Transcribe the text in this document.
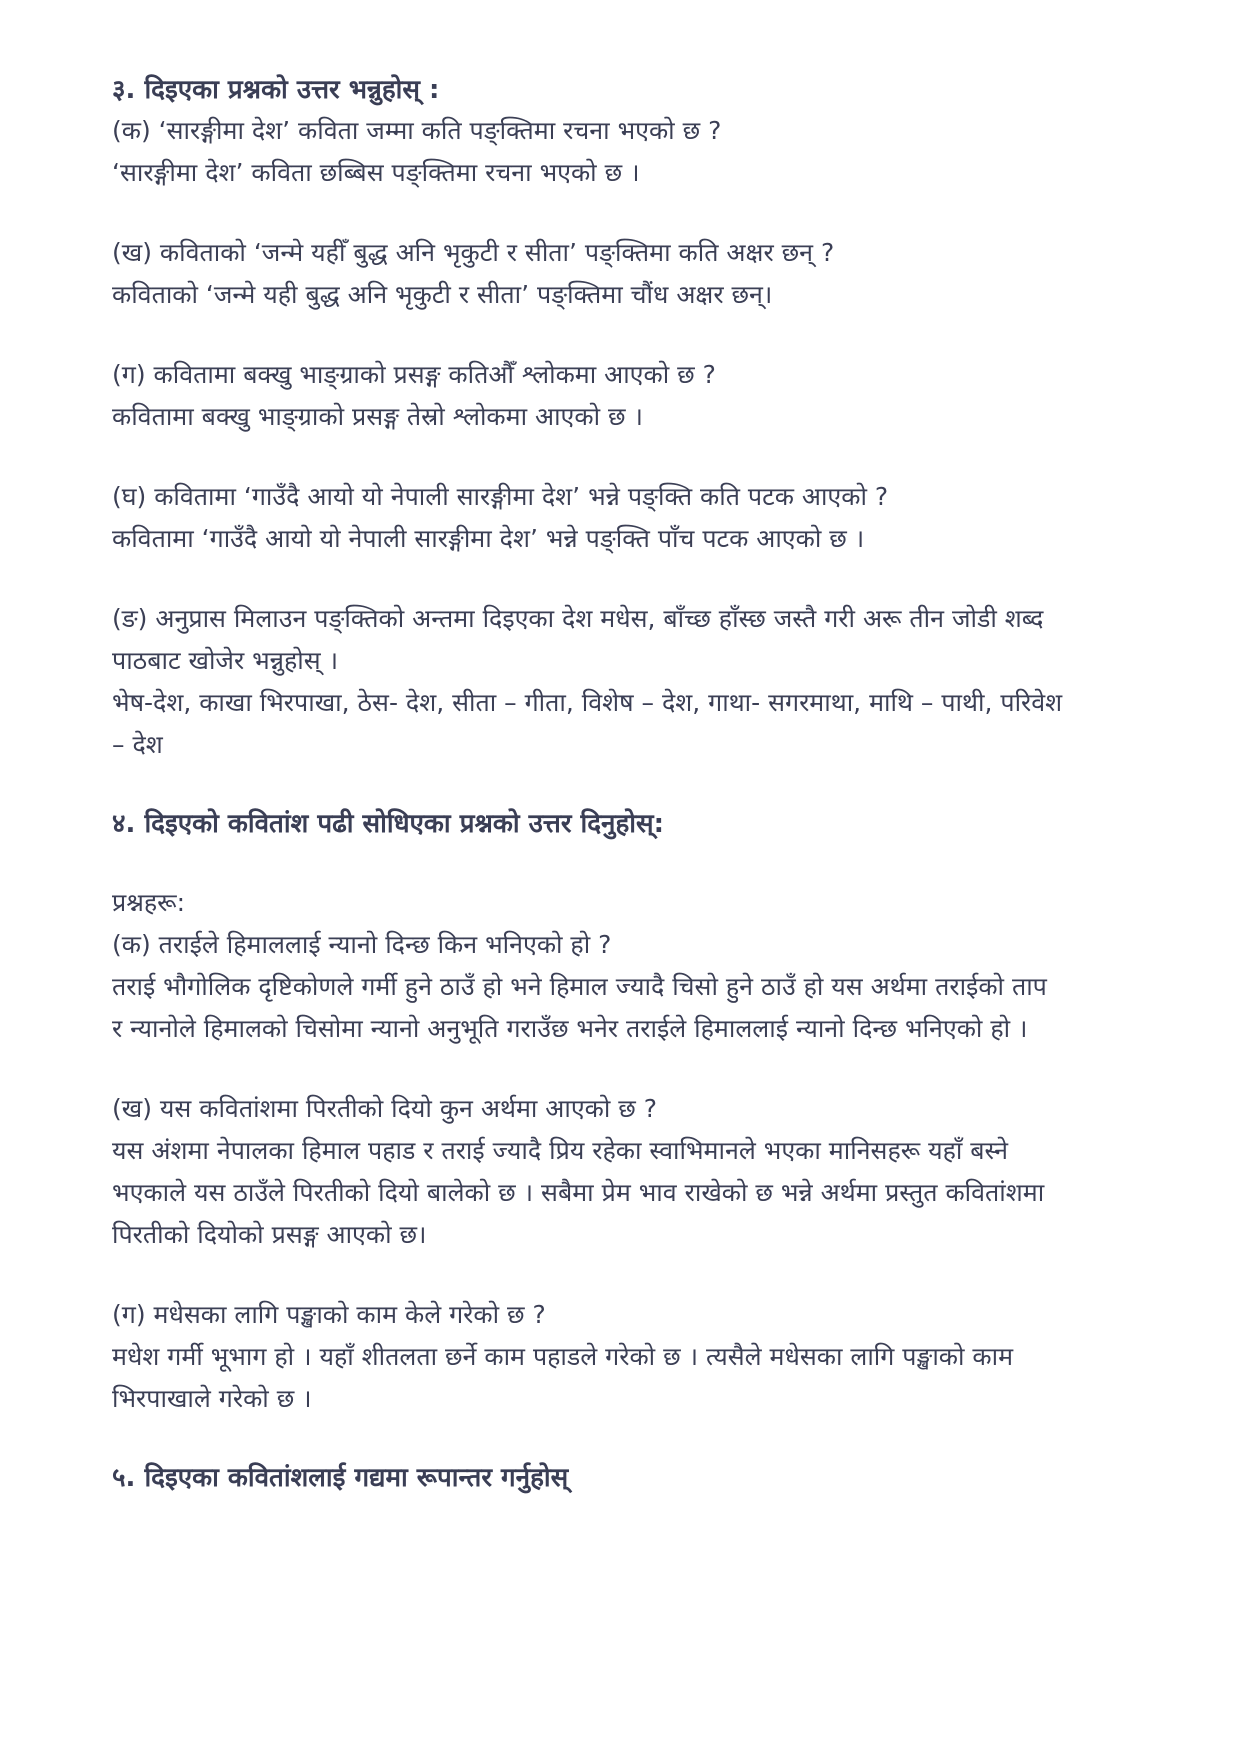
३. दिइएका प्रश्नको उत्तर भन्नुहोस् :

(क) ‘सारङ्गीमा देश’ कविता जम्मा कति पङ्क्तिमा रचना भएको छ ?

‘सारङ्गीमा देश’ कविता छब्बिस पङ्क्तिमा रचना भएको छ ।

(ख) कविताको ‘जन्मे यहीँ बुद्ध अनि भृकुटी र सीता’ पङ्क्तिमा कति अक्षर छन् ?

कविताको ‘जन्मे यही बुद्ध अनि भृकुटी र सीता’ पङ्क्तिमा चौंध अक्षर छन्।

(ग) कवितामा बक्खु भाङ्ग्राको प्रसङ्ग कतिऔँ श्लोकमा आएको छ ?

कवितामा बक्खु भाङ्ग्राको प्रसङ्ग तेस्रो श्लोकमा आएको छ ।

(घ) कवितामा ‘गाउँदै आयो यो नेपाली सारङ्गीमा देश’ भन्ने पङ्क्ति कति पटक आएको ?

कवितामा ‘गाउँदै आयो यो नेपाली सारङ्गीमा देश’ भन्ने पङ्क्ति पाँच पटक आएको छ ।

(ङ) अनुप्रास मिलाउन पङ्क्तिको अन्तमा दिइएका देश मधेस, बाँच्छ हाँस्छ जस्तै गरी अरू तीन जोडी शब्द

पाठबाट खोजेर भन्नुहोस् ।

भेष-देश, काखा भिरपाखा, ठेस- देश, सीता – गीता, विशेष – देश, गाथा- सगरमाथा, माथि – पाथी, परिवेश

– देश

४. दिइएको कवितांश पढी सोधिएका प्रश्नको उत्तर दिनुहोस्:

प्रश्नहरू:

(क) तराईले हिमाललाई न्यानो दिन्छ किन भनिएको हो ?

तराई भौगोलिक दृष्टिकोणले गर्मी हुने ठाउँ हो भने हिमाल ज्यादै चिसो हुने ठाउँ हो यस अर्थमा तराईको ताप

र न्यानोले हिमालको चिसोमा न्यानो अनुभूति गराउँछ भनेर तराईले हिमाललाई न्यानो दिन्छ भनिएको हो ।

(ख) यस कवितांशमा पिरतीको दियो कुन अर्थमा आएको छ ?

यस अंशमा नेपालका हिमाल पहाड र तराई ज्यादै प्रिय रहेका स्वाभिमानले भएका मानिसहरू यहाँ बस्ने

भएकाले यस ठाउँले पिरतीको दियो बालेको छ । सबैमा प्रेम भाव राखेको छ भन्ने अर्थमा प्रस्तुत कवितांशमा

पिरतीको दियोको प्रसङ्ग आएको छ।

(ग) मधेसका लागि पङ्खाको काम केले गरेको छ ?

मधेश गर्मी भूभाग हो । यहाँ शीतलता छर्ने काम पहाडले गरेको छ । त्यसैले मधेसका लागि पङ्खाको काम

भिरपाखाले गरेको छ ।

५. दिइएका कवितांशलाई गद्यमा रूपान्तर गर्नुहोस्
